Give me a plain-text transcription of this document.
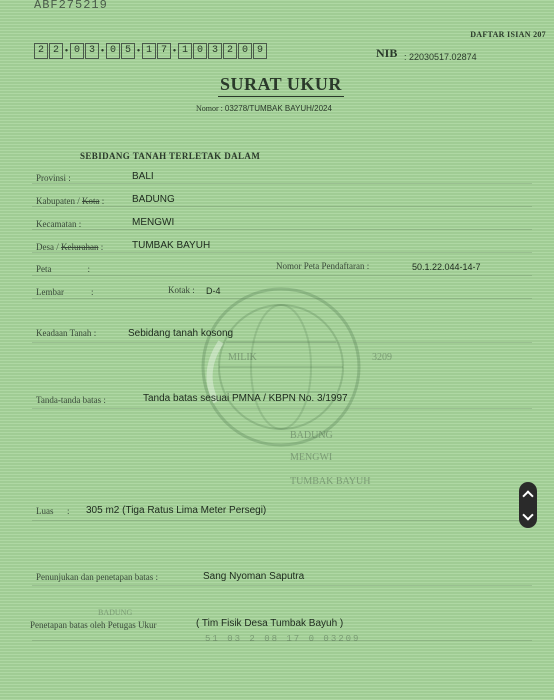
ABF275219
DAFTAR ISIAN 207
2 2 • 0 3 • 0 5 • 1 7 • 1 0 3 2 0 9	NIB : 22030517.02874
SURAT UKUR
Nomor : 03278/TUMBAK BAYUH/2024
SEBIDANG TANAH TERLETAK DALAM
MILIK	3209
BADUNG
MENGWI
TUMBAK BAYUH
BADUNG
51 03 2 08 17 0 03209
Provinsi :	BALI
Kabupaten / Kota :	BADUNG
Kecamatan :	MENGWI
Desa / Kelurahan :	TUMBAK BAYUH
Peta                :	Nomor Peta Pendaftaran :	50.1.22.044-14-7
Lembar            :	Kotak : D-4
Keadaan Tanah :	Sebidang tanah kosong
Tanda-tanda batas :	Tanda batas sesuai PMNA / KBPN No. 3/1997
Luas      : 305 m2 (Tiga Ratus Lima Meter Persegi)
Penunjukan dan penetapan batas :	Sang Nyoman Saputra
Penetapan batas oleh Petugas Ukur	( Tim Fisik Desa Tumbak Bayuh )
